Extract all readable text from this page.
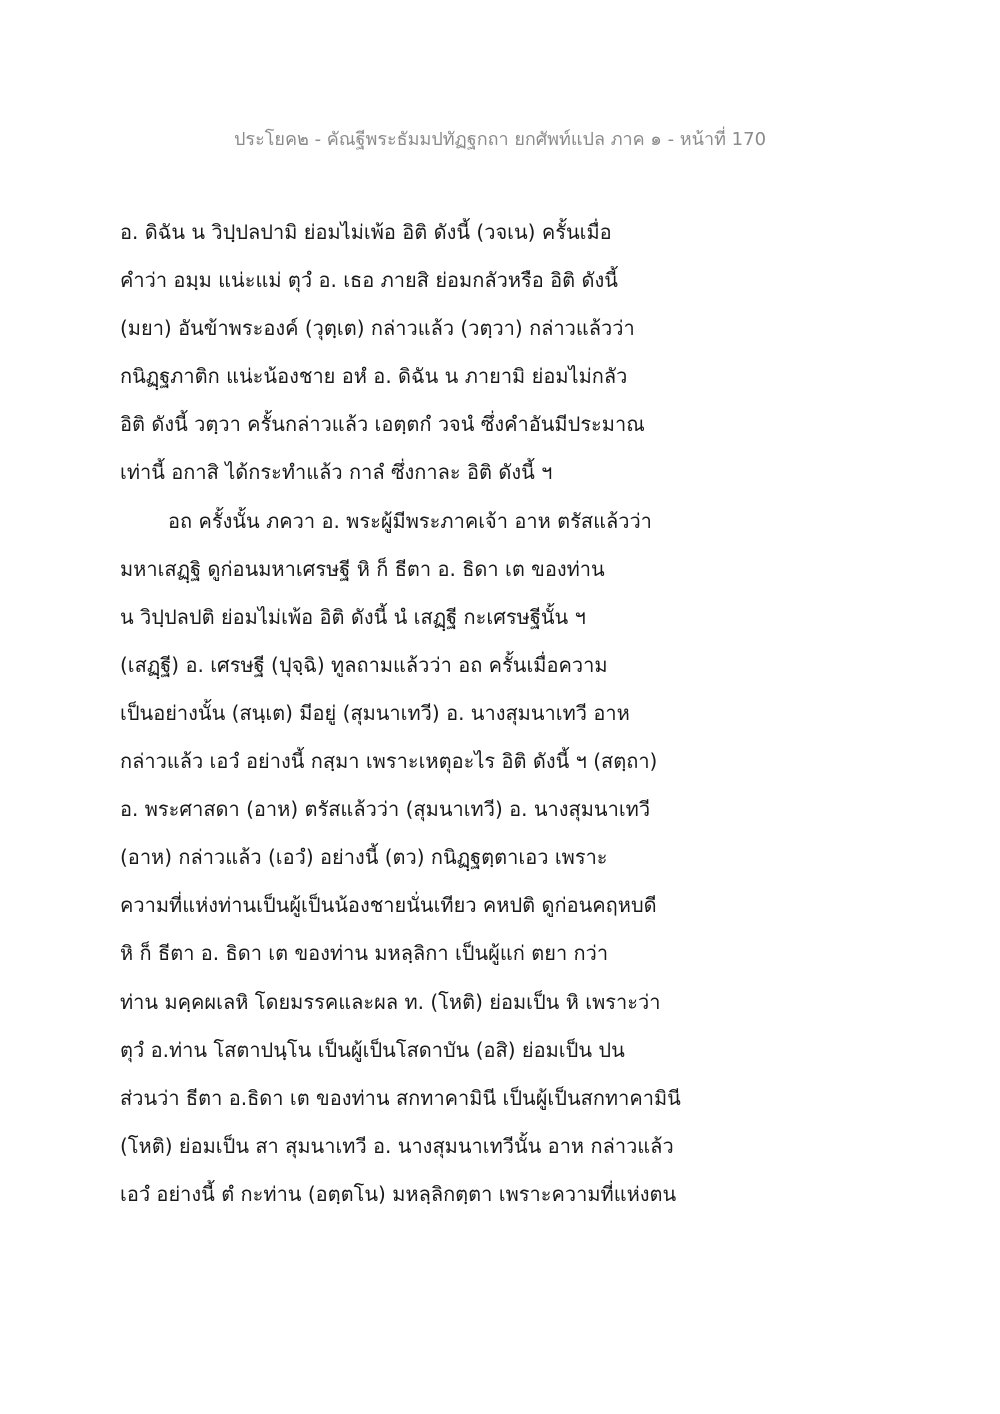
ประโยค๒ - คัณฐีพระธัมมปทัฏฐกถา ยกศัพท์แปล ภาค ๑ - หน้าที่ 170
อ. ดิฉัน น วิปฺปลปามิ ย่อมไม่เพ้อ อิติ ดังนี้ (วจเน) ครั้นเมื่อ
คำว่า อมฺม แน่ะแม่ ตุวํ อ. เธอ ภายสิ ย่อมกลัวหรือ อิติ ดังนี้
(มยา) อันข้าพระองค์ (วุตฺเต) กล่าวแล้ว (วตฺวา) กล่าวแล้วว่า
กนิฏฺฐภาติก แน่ะน้องชาย อหํ อ. ดิฉัน น ภายามิ ย่อมไม่กลัว
อิติ ดังนี้ วตฺวา ครั้นกล่าวแล้ว เอตฺตกํ วจนํ ซึ่งคำอันมีประมาณ
เท่านี้ อกาสิ ได้กระทำแล้ว กาลํ ซึ่งกาละ อิติ ดังนี้ ฯ
อถ ครั้งนั้น ภควา อ. พระผู้มีพระภาคเจ้า อาห ตรัสแล้วว่า
มหาเสฏฺฐิ ดูก่อนมหาเศรษฐี หิ ก็ ธีตา อ. ธิดา เต ของท่าน
น วิปฺปลปติ ย่อมไม่เพ้อ อิติ ดังนี้ นํ เสฏฺฐี กะเศรษฐีนั้น ฯ
(เสฏฺฐี) อ. เศรษฐี (ปุจฺฉิ) ทูลถามแล้วว่า อถ ครั้นเมื่อความ
เป็นอย่างนั้น (สนฺเต) มีอยู่ (สุมนาเทวี) อ. นางสุมนาเทวี อาห
กล่าวแล้ว เอวํ อย่างนี้ กสฺมา เพราะเหตุอะไร อิติ ดังนี้ ฯ (สตฺถา)
อ. พระศาสดา (อาห) ตรัสแล้วว่า (สุมนาเทวี) อ. นางสุมนาเทวี
(อาห) กล่าวแล้ว (เอวํ) อย่างนี้ (ตว) กนิฏฺฐตฺตาเอว เพราะ
ความที่แห่งท่านเป็นผู้เป็นน้องชายนั่นเทียว คหปติ ดูก่อนคฤหบดี
หิ ก็ ธีตา อ. ธิดา เต ของท่าน มหลฺลิกา เป็นผู้แก่ ตยา กว่า
ท่าน มคฺคผเลหิ โดยมรรคและผล ท. (โหติ) ย่อมเป็น หิ เพราะว่า
ตุวํ อ.ท่าน โสตาปนฺโน เป็นผู้เป็นโสดาบัน (อสิ) ย่อมเป็น ปน
ส่วนว่า ธีตา อ.ธิดา เต ของท่าน สกทาคามินี เป็นผู้เป็นสกทาคามินี
(โหติ) ย่อมเป็น สา สุมนาเทวี อ. นางสุมนาเทวีนั้น อาห กล่าวแล้ว
เอวํ อย่างนี้ ตํ กะท่าน (อตฺตโน) มหลฺลิกตฺตา เพราะความที่แห่งตน
